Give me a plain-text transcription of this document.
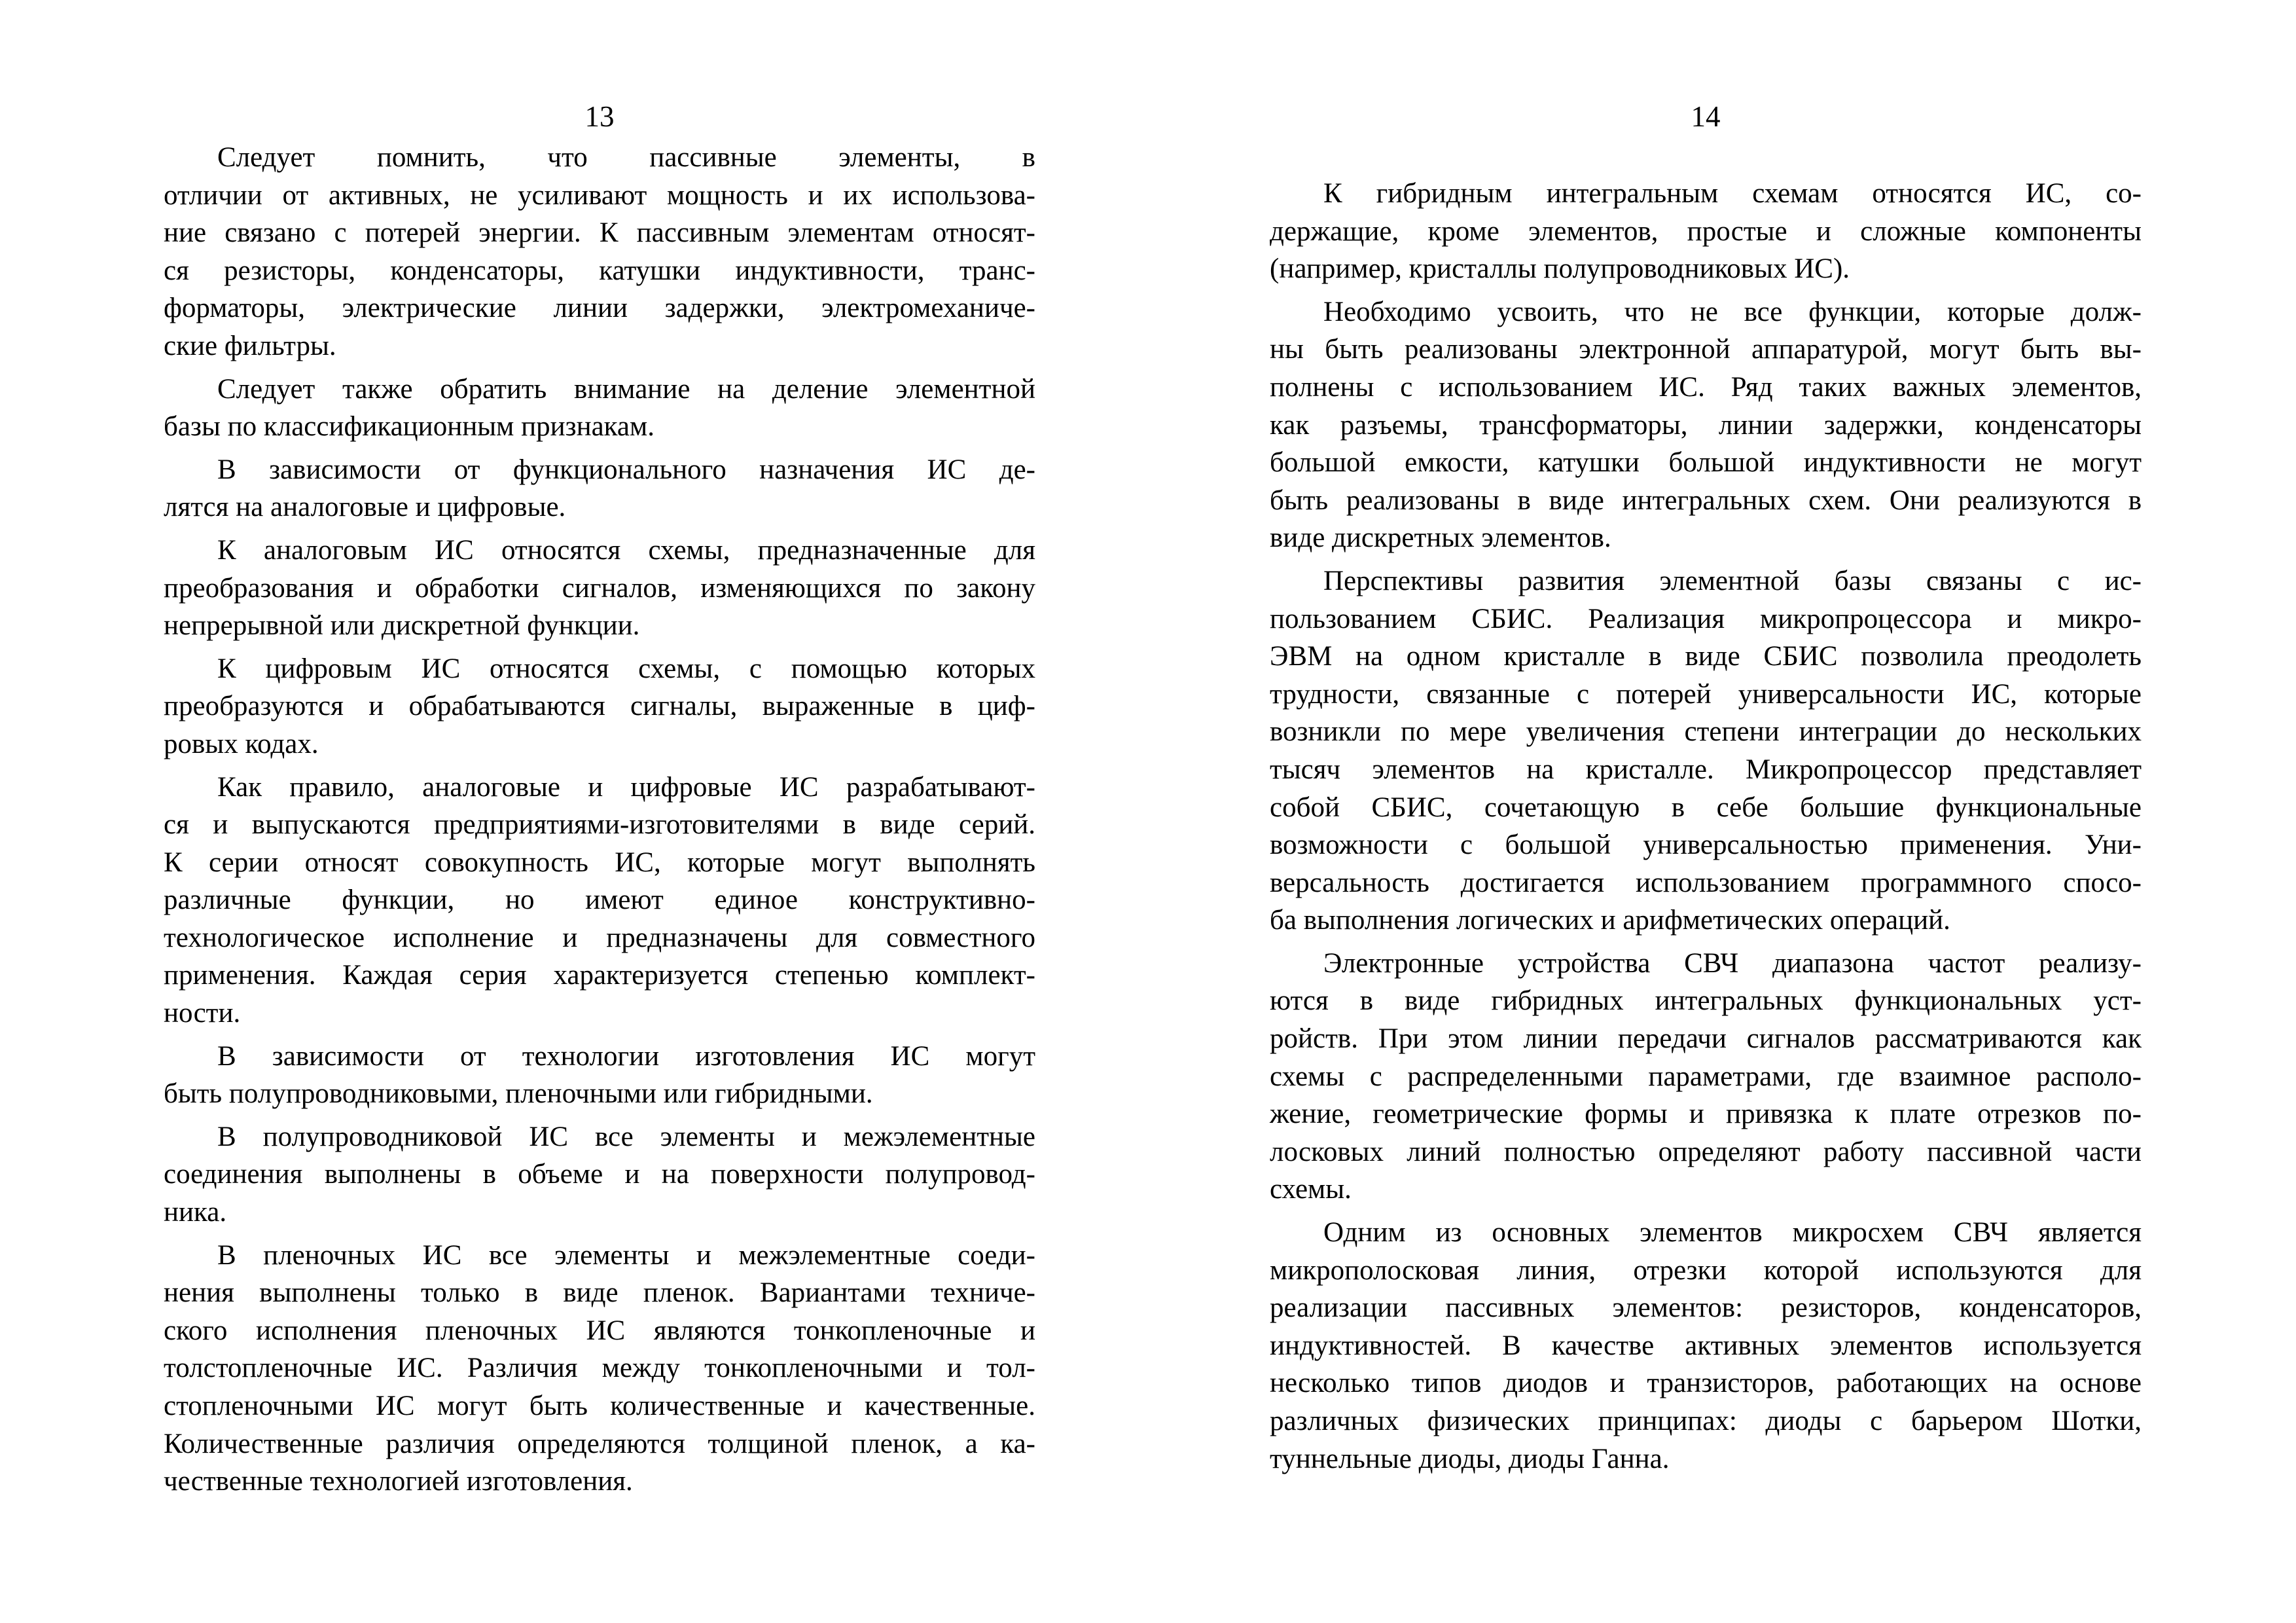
13

Следует помнить, что пассивные элементы, в
отличии от активных, не усиливают мощность и их использова-
ние связано с потерей энергии. К пассивным элементам относят-
ся резисторы, конденсаторы, катушки индуктивности, транс-
форматоры, электрические линии задержки, электромеханиче-
ские фильтры.

Следует также обратить внимание на деление элементной
базы по классификационным признакам.

В зависимости от функционального назначения ИС де-
лятся на аналоговые и цифровые.

К аналоговым ИС относятся схемы, предназначенные для
преобразования и обработки сигналов, изменяющихся по закону
непрерывной или дискретной функции.

К цифровым ИС относятся схемы, с помощью которых
преобразуются и обрабатываются сигналы, выраженные в циф-
ровых кодах.

Как правило, аналоговые и цифровые ИС разрабатывают-
ся и выпускаются предприятиями-изготовителями в виде серий.
К серии относят совокупность ИС, которые могут выполнять
различные функции, но имеют единое конструктивно-
технологическое исполнение и предназначены для совместного
применения. Каждая серия характеризуется степенью комплект-
ности.

В зависимости от технологии изготовления ИС могут
быть полупроводниковыми, пленочными или гибридными.

В полупроводниковой ИС все элементы и межэлементные
соединения выполнены в объеме и на поверхности полупровод-
ника.

В пленочных ИС все элементы и межэлементные соеди-
нения выполнены только в виде пленок. Вариантами техниче-
ского исполнения пленочных ИС являются тонкопленочные и
толстопленочные ИС. Различия между тонкопленочными и тол-
стопленочными ИС могут быть количественные и качественные.
Количественные различия определяются толщиной пленок, а ка-
чественные технологией изготовления.

14

К гибридным интегральным схемам относятся ИС, со-
держащие, кроме элементов, простые и сложные компоненты
(например, кристаллы полупроводниковых ИС).

Необходимо усвоить, что не все функции, которые долж-
ны быть реализованы электронной аппаратурой, могут быть вы-
полнены с использованием ИС. Ряд таких важных элементов,
как разъемы, трансформаторы, линии задержки, конденсаторы
большой емкости, катушки большой индуктивности не могут
быть реализованы в виде интегральных схем. Они реализуются в
виде дискретных элементов.

Перспективы развития элементной базы связаны с ис-
пользованием СБИС. Реализация микропроцессора и микро-
ЭВМ на одном кристалле в виде СБИС позволила преодолеть
трудности, связанные с потерей универсальности ИС, которые
возникли по мере увеличения степени интеграции до нескольких
тысяч элементов на кристалле. Микропроцессор представляет
собой СБИС, сочетающую в себе большие функциональные
возможности с большой универсальностью применения. Уни-
версальность достигается использованием программного спосо-
ба выполнения логических и арифметических операций.

Электронные устройства СВЧ диапазона частот реализу-
ются в виде гибридных интегральных функциональных уст-
ройств. При этом линии передачи сигналов рассматриваются как
схемы с распределенными параметрами, где взаимное располо-
жение, геометрические формы и привязка к плате отрезков по-
лосковых линий полностью определяют работу пассивной части
схемы.

Одним из основных элементов микросхем СВЧ является
микрополосковая линия, отрезки которой используются для
реализации пассивных элементов: резисторов, конденсаторов,
индуктивностей. В качестве активных элементов используется
несколько типов диодов и транзисторов, работающих на основе
различных физических принципах: диоды с барьером Шотки,
туннельные диоды, диоды Ганна.
